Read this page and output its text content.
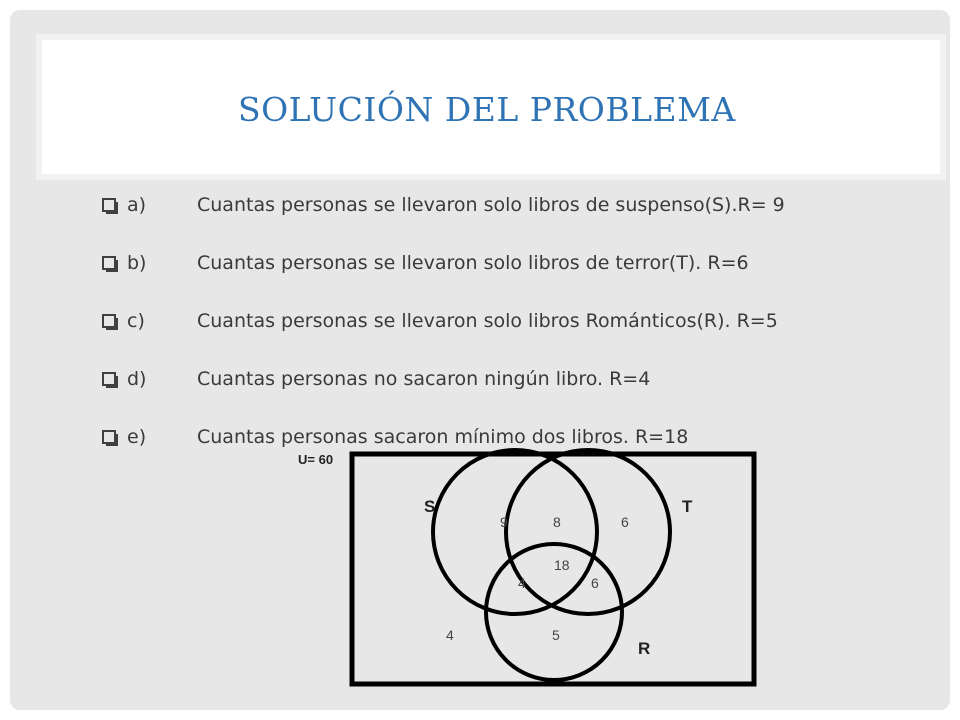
SOLUCIÓN DEL PROBLEMA
a)	Cuantas personas se llevaron solo libros de suspenso(S).R= 9
b)	Cuantas personas se llevaron solo libros de terror(T). R=6
c)	Cuantas personas se llevaron solo libros Románticos(R). R=5
d)	Cuantas personas no sacaron ningún libro. R=4
e)	Cuantas personas sacaron mínimo dos libros. R=18
U= 60
S	T
R
9	8	6
18
4	6
5
4
